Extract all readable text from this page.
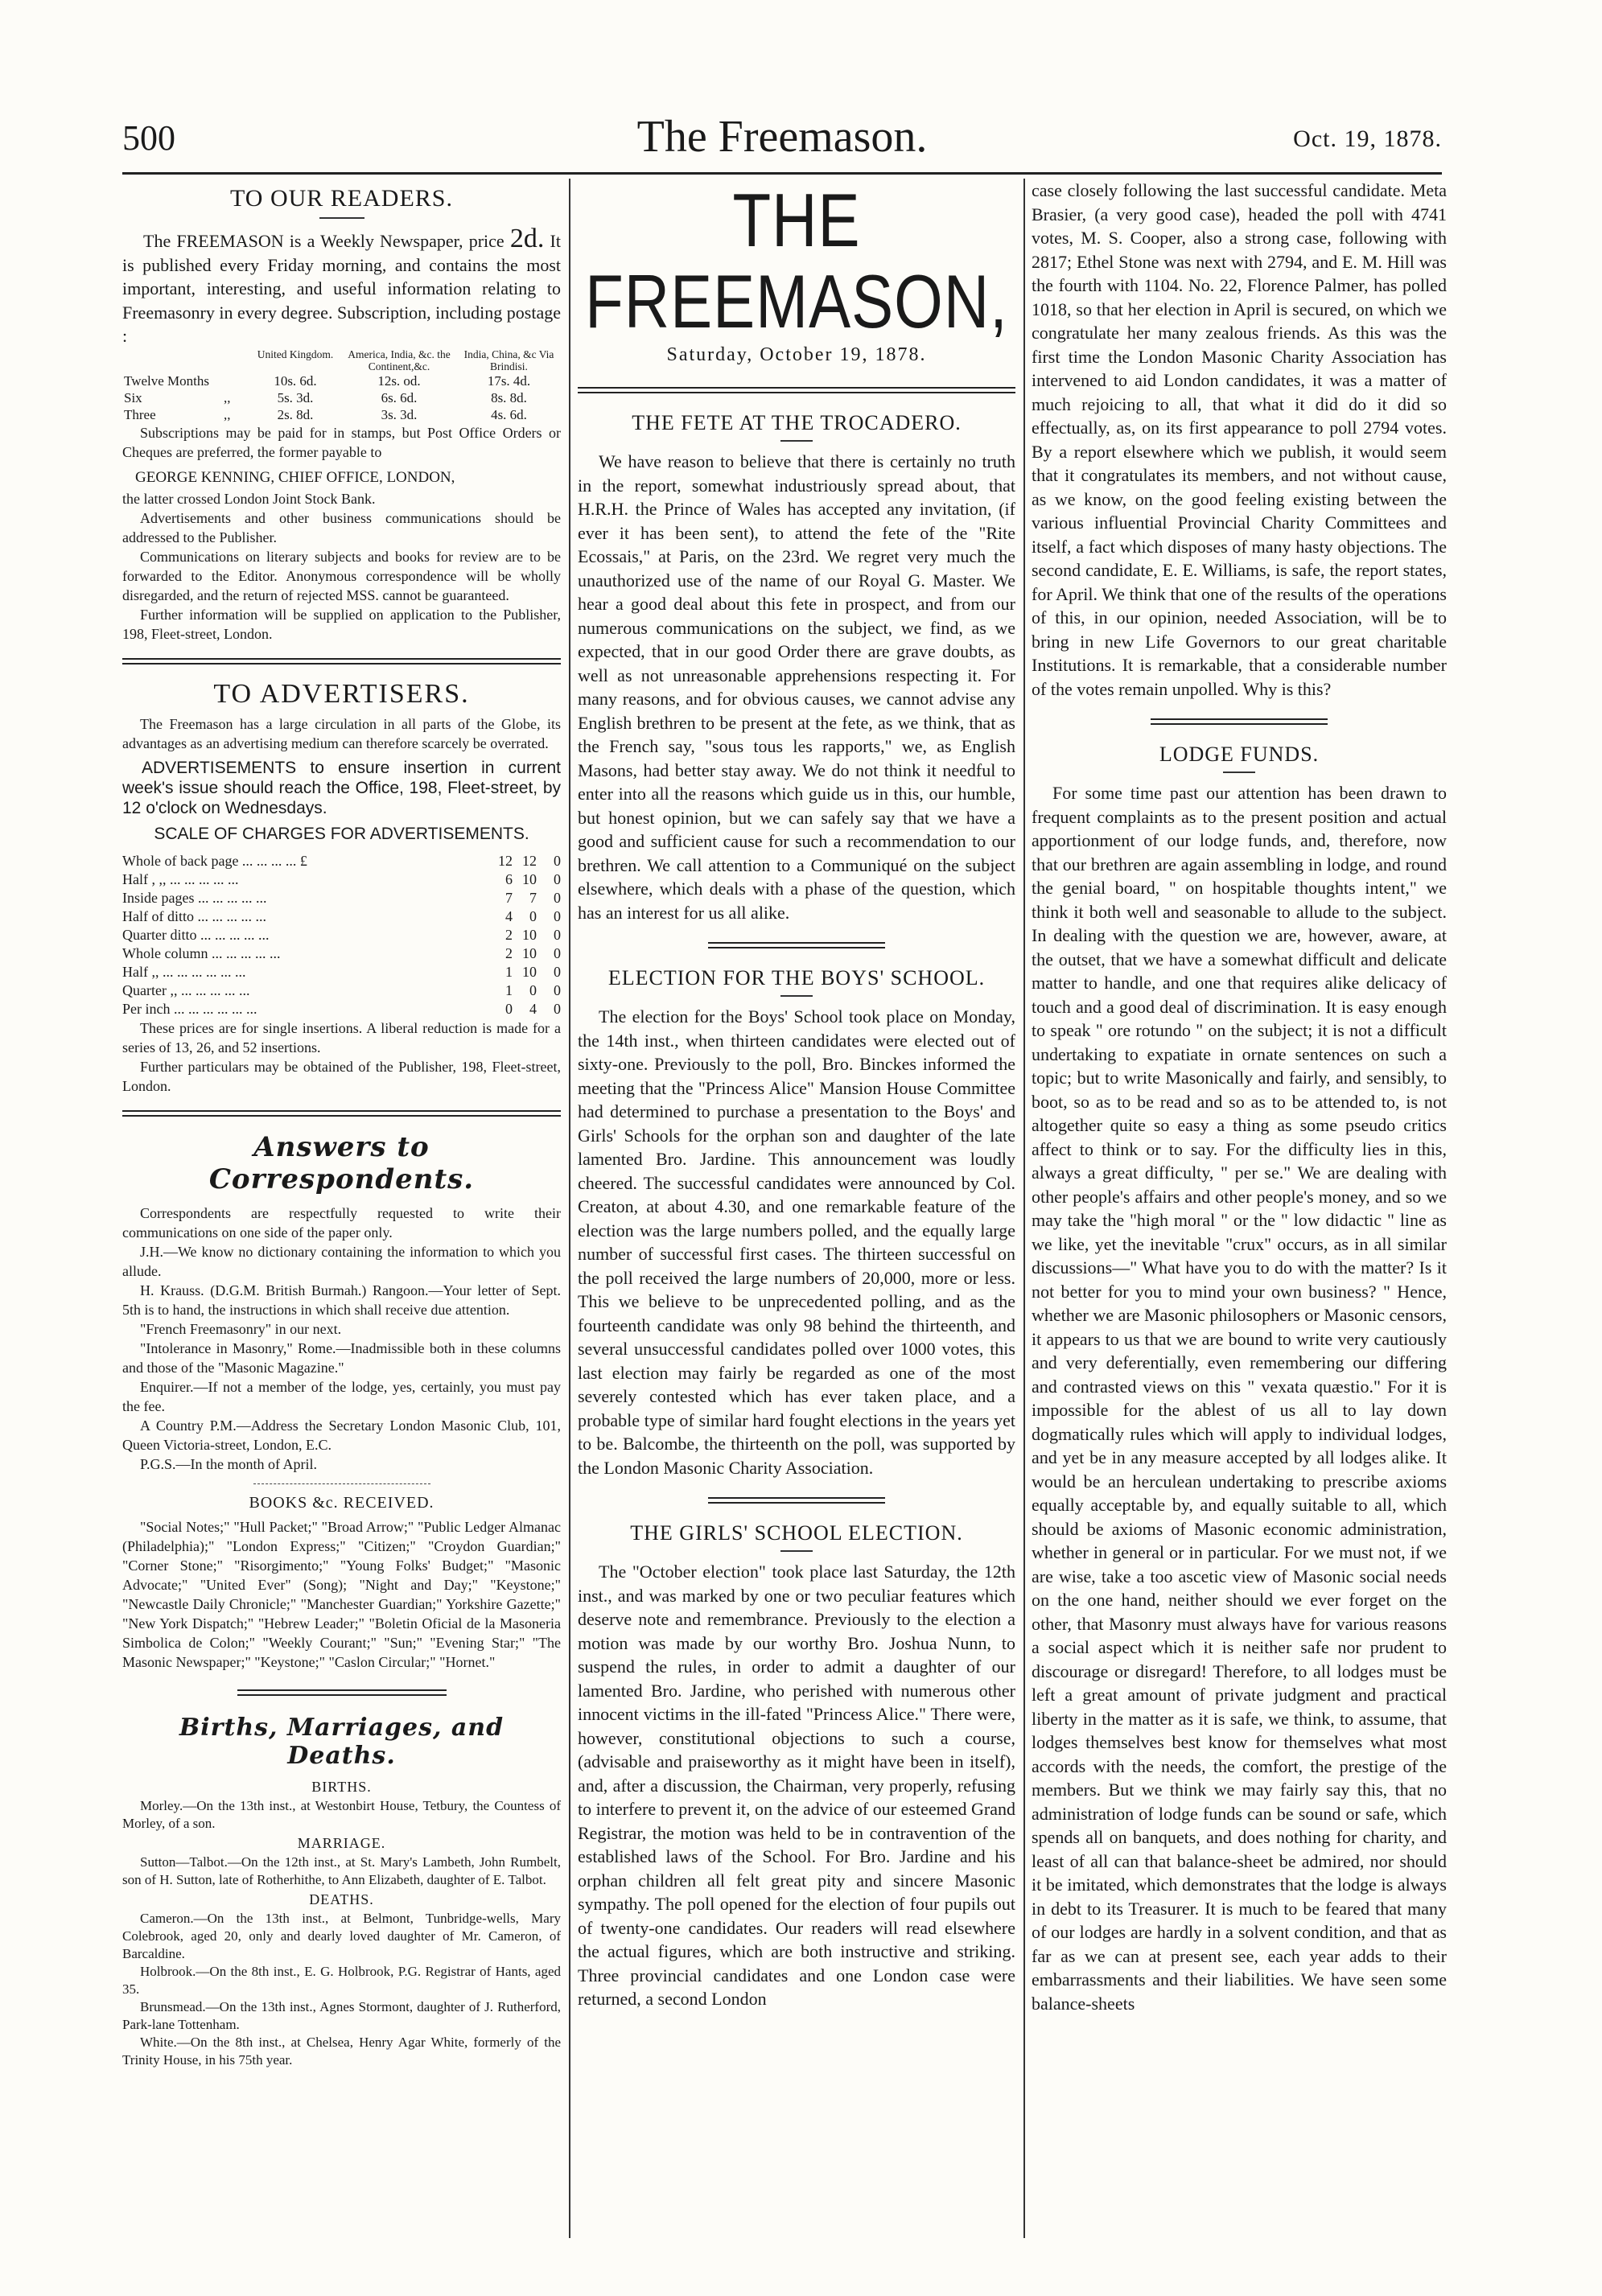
500	The Freemason.	Oct. 19, 1878.
TO OUR READERS.

The FREEMASON is a Weekly Newspaper, price 2d. It is published every Friday morning, and contains the most important, interesting, and useful information relating to Freemasonry in every degree. Subscription, including postage :

		United Kingdom.	America, India, &c. the Continent,&c.	India, China, &c Via Brindisi.
Twelve Months		10s. 6d.	12s. od.	17s. 4d.
Six	,,	5s. 3d.	6s. 6d.	8s. 8d.
Three	,,	2s. 8d.	3s. 3d.	4s. 6d.

Subscriptions may be paid for in stamps, but Post Office Orders or Cheques are preferred, the former payable to

GEORGE KENNING, CHIEF OFFICE, LONDON,

the latter crossed London Joint Stock Bank.

Advertisements and other business communications should be addressed to the Publisher.

Communications on literary subjects and books for review are to be forwarded to the Editor. Anonymous correspondence will be wholly disregarded, and the return of rejected MSS. cannot be guaranteed.

Further information will be supplied on application to the Publisher, 198, Fleet-street, London.

TO ADVERTISERS.

The Freemason has a large circulation in all parts of the Globe, its advantages as an advertising medium can therefore scarcely be overrated.

ADVERTISEMENTS to ensure insertion in current week's issue should reach the Office, 198, Fleet-street, by 12 o'clock on Wednesdays.

SCALE OF CHARGES FOR ADVERTISEMENTS.
Whole of back page ... ... ... ... £	12	12	0
Half , ,, ... ... ... ... ...	6	10	0
Inside pages ... ... ... ... ...	7	7	0
Half of ditto ... ... ... ... ...	4	0	0
Quarter ditto ... ... ... ... ...	2	10	0
Whole column ... ... ... ... ...	2	10	0
Half ,, ... ... ... ... ... ...	1	10	0
Quarter ,, ... ... ... ... ...	1	0	0
Per inch ... ... ... ... ... ...	0	4	0

These prices are for single insertions. A liberal reduction is made for a series of 13, 26, and 52 insertions.

Further particulars may be obtained of the Publisher, 198, Fleet-street, London.

Answers to Correspondents.

Correspondents are respectfully requested to write their communications on one side of the paper only.

J.H.—We know no dictionary containing the information to which you allude.

H. Krauss. (D.G.M. British Burmah.) Rangoon.—Your letter of Sept. 5th is to hand, the instructions in which shall receive due attention.

"French Freemasonry" in our next.

"Intolerance in Masonry," Rome.—Inadmissible both in these columns and those of the "Masonic Magazine."

Enquirer.—If not a member of the lodge, yes, certainly, you must pay the fee.

A Country P.M.—Address the Secretary London Masonic Club, 101, Queen Victoria-street, London, E.C.

P.G.S.—In the month of April.

BOOKS &c. RECEIVED.

"Social Notes;" "Hull Packet;" "Broad Arrow;" "Public Ledger Almanac (Philadelphia);" "London Express;" "Citizen;" "Croydon Guardian;" "Corner Stone;" "Risorgimento;" "Young Folks' Budget;" "Masonic Advocate;" "United Ever" (Song); "Night and Day;" "Keystone;" "Newcastle Daily Chronicle;" "Manchester Guardian;" Yorkshire Gazette;" "New York Dispatch;" "Hebrew Leader;" "Boletin Oficial de la Masoneria Simbolica de Colon;" "Weekly Courant;" "Sun;" "Evening Star;" "The Masonic Newspaper;" "Keystone;" "Caslon Circular;" "Hornet."

Births, Marriages, and Deaths.
BIRTHS.

Morley.—On the 13th inst., at Westonbirt House, Tetbury, the Countess of Morley, of a son.

MARRIAGE.

Sutton—Talbot.—On the 12th inst., at St. Mary's Lambeth, John Rumbelt, son of H. Sutton, late of Rotherhithe, to Ann Elizabeth, daughter of E. Talbot.

DEATHS.

Cameron.—On the 13th inst., at Belmont, Tunbridge-wells, Mary Colebrook, aged 20, only and dearly loved daughter of Mr. Cameron, of Barcaldine.

Holbrook.—On the 8th inst., E. G. Holbrook, P.G. Registrar of Hants, aged 35.

Brunsmead.—On the 13th inst., Agnes Stormont, daughter of J. Rutherford, Park-lane Tottenham.

White.—On the 8th inst., at Chelsea, Henry Agar White, formerly of the Trinity House, in his 75th year.

THE FREEMASON,
Saturday, October 19, 1878.
THE FETE AT THE TROCADERO.

We have reason to believe that there is certainly no truth in the report, somewhat industriously spread about, that H.R.H. the Prince of Wales has accepted any invitation, (if ever it has been sent), to attend the fete of the "Rite Ecossais," at Paris, on the 23rd. We regret very much the unauthorized use of the name of our Royal G. Master. We hear a good deal about this fete in prospect, and from our numerous communications on the subject, we find, as we expected, that in our good Order there are grave doubts, as well as not unreasonable apprehensions respecting it. For many reasons, and for obvious causes, we cannot advise any English brethren to be present at the fete, as we think, that as the French say, "sous tous les rapports," we, as English Masons, had better stay away. We do not think it needful to enter into all the reasons which guide us in this, our humble, but honest opinion, but we can safely say that we have a good and sufficient cause for such a recommendation to our brethren. We call attention to a Communiqué on the subject elsewhere, which deals with a phase of the question, which has an interest for us all alike.

ELECTION FOR THE BOYS' SCHOOL.

The election for the Boys' School took place on Monday, the 14th inst., when thirteen candidates were elected out of sixty-one. Previously to the poll, Bro. Binckes informed the meeting that the "Princess Alice" Mansion House Committee had determined to purchase a presentation to the Boys' and Girls' Schools for the orphan son and daughter of the late lamented Bro. Jardine. This announcement was loudly cheered. The successful candidates were announced by Col. Creaton, at about 4.30, and one remarkable feature of the election was the large numbers polled, and the equally large number of successful first cases. The thirteen successful on the poll received the large numbers of 20,000, more or less. This we believe to be unprecedented polling, and as the fourteenth candidate was only 98 behind the thirteenth, and several unsuccessful candidates polled over 1000 votes, this last election may fairly be regarded as one of the most severely contested which has ever taken place, and a probable type of similar hard fought elections in the years yet to be. Balcombe, the thirteenth on the poll, was supported by the London Masonic Charity Association.

THE GIRLS' SCHOOL ELECTION.

The "October election" took place last Saturday, the 12th inst., and was marked by one or two peculiar features which deserve note and remembrance. Previously to the election a motion was made by our worthy Bro. Joshua Nunn, to suspend the rules, in order to admit a daughter of our lamented Bro. Jardine, who perished with numerous other innocent victims in the ill-fated "Princess Alice." There were, however, constitutional objections to such a course, (advisable and praiseworthy as it might have been in itself), and, after a discussion, the Chairman, very properly, refusing to interfere to prevent it, on the advice of our esteemed Grand Registrar, the motion was held to be in contravention of the established laws of the School. For Bro. Jardine and his orphan children all felt great pity and sincere Masonic sympathy. The poll opened for the election of four pupils out of twenty-one candidates. Our readers will read elsewhere the actual figures, which are both instructive and striking. Three provincial candidates and one London case were returned, a second London

case closely following the last successful candidate. Meta Brasier, (a very good case), headed the poll with 4741 votes, M. S. Cooper, also a strong case, following with 2817; Ethel Stone was next with 2794, and E. M. Hill was the fourth with 1104. No. 22, Florence Palmer, has polled 1018, so that her election in April is secured, on which we congratulate her many zealous friends. As this was the first time the London Masonic Charity Association has intervened to aid London candidates, it was a matter of much rejoicing to all, that what it did do it did so effectually, as, on its first appearance to poll 2794 votes. By a report elsewhere which we publish, it would seem that it congratulates its members, and not without cause, as we know, on the good feeling existing between the various influential Provincial Charity Committees and itself, a fact which disposes of many hasty objections. The second candidate, E. E. Williams, is safe, the report states, for April. We think that one of the results of the operations of this, in our opinion, needed Association, will be to bring in new Life Governors to our great charitable Institutions. It is remarkable, that a considerable number of the votes remain unpolled. Why is this?

LODGE FUNDS.

For some time past our attention has been drawn to frequent complaints as to the present position and actual apportionment of our lodge funds, and, therefore, now that our brethren are again assembling in lodge, and round the genial board, " on hospitable thoughts intent," we think it both well and seasonable to allude to the subject. In dealing with the question we are, however, aware, at the outset, that we have a somewhat difficult and delicate matter to handle, and one that requires alike delicacy of touch and a good deal of discrimination. It is easy enough to speak " ore rotundo " on the subject; it is not a difficult undertaking to expatiate in ornate sentences on such a topic; but to write Masonically and fairly, and sensibly, to boot, so as to be read and so as to be attended to, is not altogether quite so easy a thing as some pseudo critics affect to think or to say. For the difficulty lies in this, always a great difficulty, " per se." We are dealing with other people's affairs and other people's money, and so we may take the "high moral " or the " low didactic " line as we like, yet the inevitable "crux" occurs, as in all similar discussions—" What have you to do with the matter? Is it not better for you to mind your own business? " Hence, whether we are Masonic philosophers or Masonic censors, it appears to us that we are bound to write very cautiously and very deferentially, even remembering our differing and contrasted views on this " vexata quæstio." For it is impossible for the ablest of us all to lay down dogmatically rules which will apply to individual lodges, and yet be in any measure accepted by all lodges alike. It would be an herculean undertaking to prescribe axioms equally acceptable by, and equally suitable to all, which should be axioms of Masonic economic administration, whether in general or in particular. For we must not, if we are wise, take a too ascetic view of Masonic social needs on the one hand, neither should we ever forget on the other, that Masonry must always have for various reasons a social aspect which it is neither safe nor prudent to discourage or disregard! Therefore, to all lodges must be left a great amount of private judgment and practical liberty in the matter as it is safe, we think, to assume, that lodges themselves best know for themselves what most accords with the needs, the comfort, the prestige of the members. But we think we may fairly say this, that no administration of lodge funds can be sound or safe, which spends all on banquets, and does nothing for charity, and least of all can that balance-sheet be admired, nor should it be imitated, which demonstrates that the lodge is always in debt to its Treasurer. It is much to be feared that many of our lodges are hardly in a solvent condition, and that as far as we can at present see, each year adds to their embarrassments and their liabilities. We have seen some balance-sheets
